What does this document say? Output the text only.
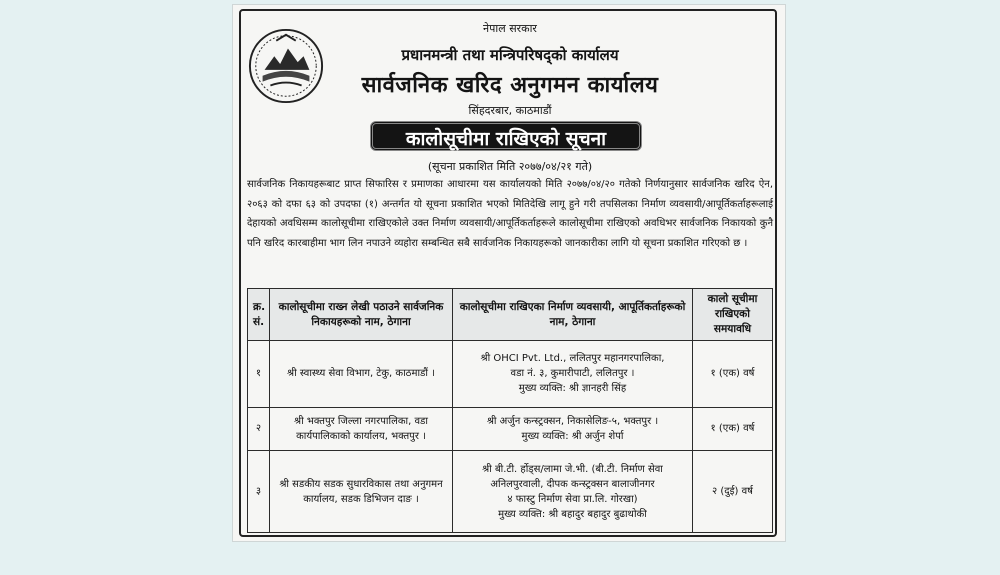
नेपाल सरकार
प्रधानमन्त्री तथा मन्त्रिपरिषद्को कार्यालय
सार्वजनिक खरिद अनुगमन कार्यालय
सिंहदरबार, काठमाडौं
कालोसूचीमा राखिएको सूचना
(सूचना प्रकाशित मिति २०७७/०४/२१ गते)
सार्वजनिक निकायहरूबाट प्राप्त सिफारिस र प्रमाणका आधारमा यस कार्यालयको मिति २०७७/०४/२० गतेको निर्णयानुसार सार्वजनिक खरिद ऐन, २०६३ को दफा ६३ को उपदफा (१) अन्तर्गत यो सूचना प्रकाशित भएको मितिदेखि लागू हुने गरी तपसिलका निर्माण व्यवसायी/आपूर्तिकर्ताहरूलाई देहायको अवधिसम्म कालोसूचीमा राखिएकोले उक्त निर्माण व्यवसायी/आपूर्तिकर्ताहरूले कालोसूचीमा राखिएको अवधिभर सार्वजनिक निकायको कुनै पनि खरिद कारबाहीमा भाग लिन नपाउने व्यहोरा सम्बन्धित सबै सार्वजनिक निकायहरूको जानकारीका लागि यो सूचना प्रकाशित गरिएको छ ।
क्र. सं.	कालोसूचीमा राख्न लेखी पठाउने सार्वजनिक निकायहरूको नाम, ठेगाना	कालोसूचीमा राखिएका निर्माण व्यवसायी, आपूर्तिकर्ताहरूको नाम, ठेगाना	कालो सूचीमा राखिएको समयावधि
१	श्री स्वास्थ्य सेवा विभाग, टेकु, काठमाडौं ।	श्री OHCI Pvt. Ltd., ललितपुर महानगरपालिका,
वडा नं. ३, कुमारीपाटी, ललितपुर ।
मुख्य व्यक्ति: श्री ज्ञानहरी सिंह	१ (एक) वर्ष
२	श्री भक्तपुर जिल्ला नगरपालिका, वडा कार्यपालिकाको कार्यालय, भक्तपुर ।	श्री अर्जुन कन्स्ट्रक्सन, निकासेलिङ-५, भक्तपुर ।
मुख्य व्यक्ति: श्री अर्जुन शेर्पा	१ (एक) वर्ष
३	श्री सडकीय सडक सुधारविकास तथा अनुगमन कार्यालय, सडक डिभिजन दाङ ।	श्री बी.टी. र्होड्स/लामा जे.भी. (बी.टी. निर्माण सेवा अनिलपुरवाली, दीपक कन्स्ट्रक्सन बालाजीनगर
४ फास्टु निर्माण सेवा प्रा.लि. गोरखा)
मुख्य व्यक्ति: श्री बहादुर बहादुर बुढाथोकी	२ (दुई) वर्ष
